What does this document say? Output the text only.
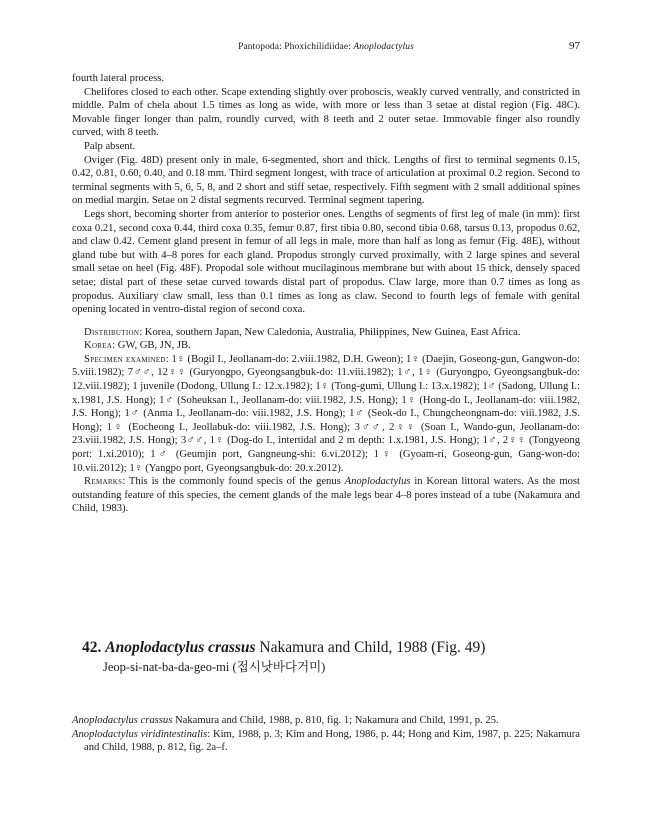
Pantopoda: Phoxichilidiidae: Anoplodactylus	97

fourth lateral process.

Chelifores closed to each other. Scape extending slightly over proboscis, weakly curved ventrally, and constricted in middle. Palm of chela about 1.5 times as long as wide, with more or less than 3 setae at distal region (Fig. 48C). Movable finger longer than palm, roundly curved, with 8 teeth and 2 outer setae. Immovable finger also roundly curved, with 8 teeth.

Palp absent.

Oviger (Fig. 48D) present only in male, 6-segmented, short and thick. Lengths of first to terminal segments 0.15, 0.42, 0.81, 0.60, 0.40, and 0.18 mm. Third segment longest, with trace of articulation at proximal 0.2 region. Second to terminal segments with 5, 6, 5, 8, and 2 short and stiff setae, respectively. Fifth segment with 2 small additional spines on medial margin. Setae on 2 distal segments recurved. Terminal segment tapering.

Legs short, becoming shorter from anterior to posterior ones. Lengths of segments of first leg of male (in mm): first coxa 0.21, second coxa 0.44, third coxa 0.35, femur 0.87, first tibia 0.80, second tibia 0.68, tarsus 0.13, propodus 0.62, and claw 0.42. Cement gland present in femur of all legs in male, more than half as long as femur (Fig. 48E), without gland tube but with 4–8 pores for each gland. Propodus strongly curved proximally, with 2 large spines and several small setae on heel (Fig. 48F). Propodal sole without mucilaginous membrane but with about 15 thick, densely spaced setae; distal part of these setae curved towards distal part of propodus. Claw large, more than 0.7 times as long as propodus. Auxiliary claw small, less than 0.1 times as long as claw. Second to fourth legs of female with genital opening located in ventro-distal region of second coxa.

Distribution: Korea, southern Japan, New Caledonia, Australia, Philippines, New Guinea, East Africa.

Korea: GW, GB, JN, JB.

Specimen examined: 1♀ (Bogil I., Jeollanam-do: 2.viii.1982, D.H. Gweon); 1♀ (Daejin, Goseong-gun, Gangwon-do: 5.viii.1982); 7♂♂, 12♀♀ (Guryongpo, Gyeongsangbuk-do: 11.viii.1982); 1♂, 1♀ (Guryongpo, Gyeongsangbuk-do: 12.viii.1982); 1 juvenile (Dodong, Ullung I.: 12.x.1982); 1♀ (Tong-gumi, Ullung I.: 13.x.1982); 1♂ (Sadong, Ullung I.: x.1981, J.S. Hong); 1♂ (Soheuksan I., Jeollanam-do: viii.1982, J.S. Hong); 1♀ (Hong-do I., Jeollanam-do: viii.1982, J.S. Hong); 1♂ (Anma I., Jeollanam-do: viii.1982, J.S. Hong); 1♂ (Seok-do I., Chungcheongnam-do: viii.1982, J.S. Hong); 1♀ (Eocheong I., Jeollabuk-do: viii.1982, J.S. Hong); 3♂♂, 2♀♀ (Soan I., Wando-gun, Jeollanam-do: 23.viii.1982, J.S. Hong); 3♂♂, 1♀ (Dog-do I., intertidal and 2 m depth: 1.x.1981, J.S. Hong); 1♂, 2♀♀ (Tongyeong port: 1.xi.2010); 1♂ (Geumjin port, Gangneung-shi: 6.vi.2012); 1♀ (Gyoam-ri, Goseong-gun, Gang-won-do: 10.vii.2012); 1♀ (Yangpo port, Gyeongsangbuk-do: 20.x.2012).

Remarks: This is the commonly found specis of the genus Anoplodactylus in Korean littoral waters. As the most outstanding feature of this species, the cement glands of the male legs bear 4–8 pores instead of a tube (Nakamura and Child, 1983).

42. Anoplodactylus crassus Nakamura and Child, 1988 (Fig. 49)
Jeop-si-nat-ba-da-geo-mi (접시낫바다거미)

Anoplodactylus crassus Nakamura and Child, 1988, p. 810, fig. 1; Nakamura and Child, 1991, p. 25.

Anoplodactylus viridintestinalis: Kim, 1988, p. 3; Kim and Hong, 1986, p. 44; Hong and Kim, 1987, p. 225; Nakamura and Child, 1988, p. 812, fig. 2a–f.
